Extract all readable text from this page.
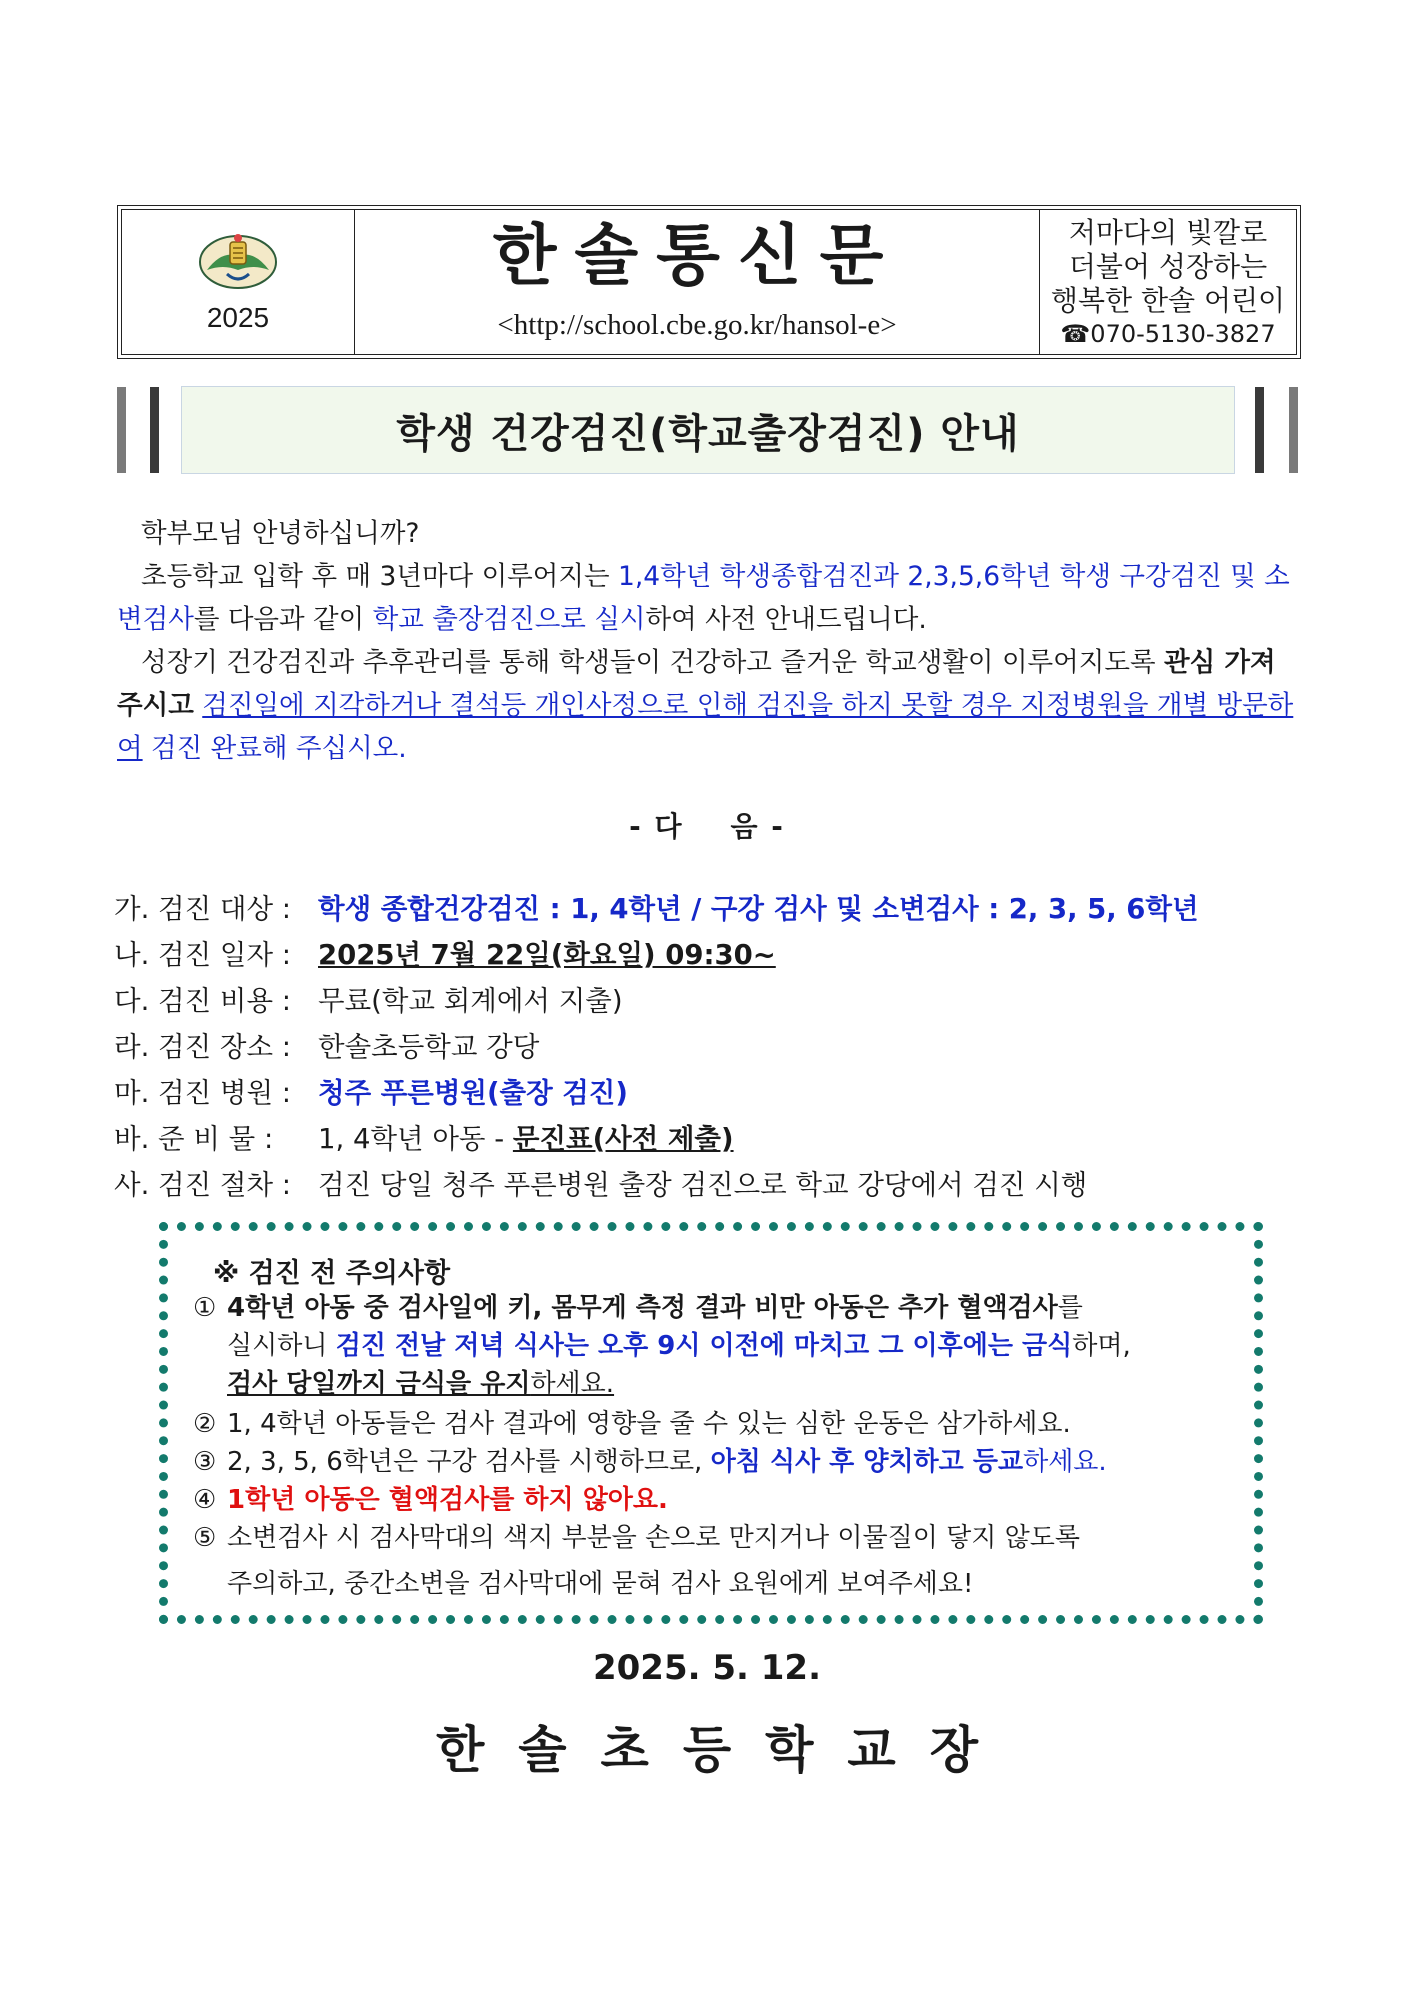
2025
한솔통신문
<http://school.cbe.go.kr/hansol-e>
저마다의 빛깔로
더불어 성장하는
행복한 한솔 어린이
☎070-5130-3827
학생 건강검진(학교출장검진) 안내
학부모님 안녕하십니까?
초등학교 입학 후 매 3년마다 이루어지는 1,4학년 학생종합검진과 2,3,5,6학년 학생 구강검진 및 소변검사를 다음과 같이 학교 출장검진으로 실시하여 사전 안내드립니다.
성장기 건강검진과 추후관리를 통해 학생들이 건강하고 즐거운 학교생활이 이루어지도록 관심 가져 주시고 검진일에 지각하거나 결석등 개인사정으로 인해 검진을 하지 못할 경우 지정병원을 개별 방문하여 검진 완료해 주십시오.
- 다    음 -
가. 검진 대상 :학생 종합건강검진 : 1, 4학년 / 구강 검사 및 소변검사 : 2, 3, 5, 6학년
나. 검진 일자 :2025년 7월 22일(화요일) 09:30~
다. 검진 비용 :무료(학교 회계에서 지출)
라. 검진 장소 :한솔초등학교 강당
마. 검진 병원 :청주 푸른병원(출장 검진)
바. 준 비 물 :1, 4학년 아동 - 문진표(사전 제출)
사. 검진 절차 :검진 당일 청주 푸른병원 출장 검진으로 학교 강당에서 검진 시행
※ 검진 전 주의사항
① 4학년 아동 중 검사일에 키, 몸무게 측정 결과 비만 아동은 추가 혈액검사를
실시하니 검진 전날 저녁 식사는 오후 9시 이전에 마치고 그 이후에는 금식하며,
검사 당일까지 금식을 유지하세요.
② 1, 4학년 아동들은 검사 결과에 영향을 줄 수 있는 심한 운동은 삼가하세요.
③ 2, 3, 5, 6학년은 구강 검사를 시행하므로, 아침 식사 후 양치하고 등교하세요.
④ 1학년 아동은 혈액검사를 하지 않아요.
⑤ 소변검사 시 검사막대의 색지 부분을 손으로 만지거나 이물질이 닿지 않도록
주의하고, 중간소변을 검사막대에 묻혀 검사 요원에게 보여주세요!
2025. 5. 12.
한솔초등학교장
